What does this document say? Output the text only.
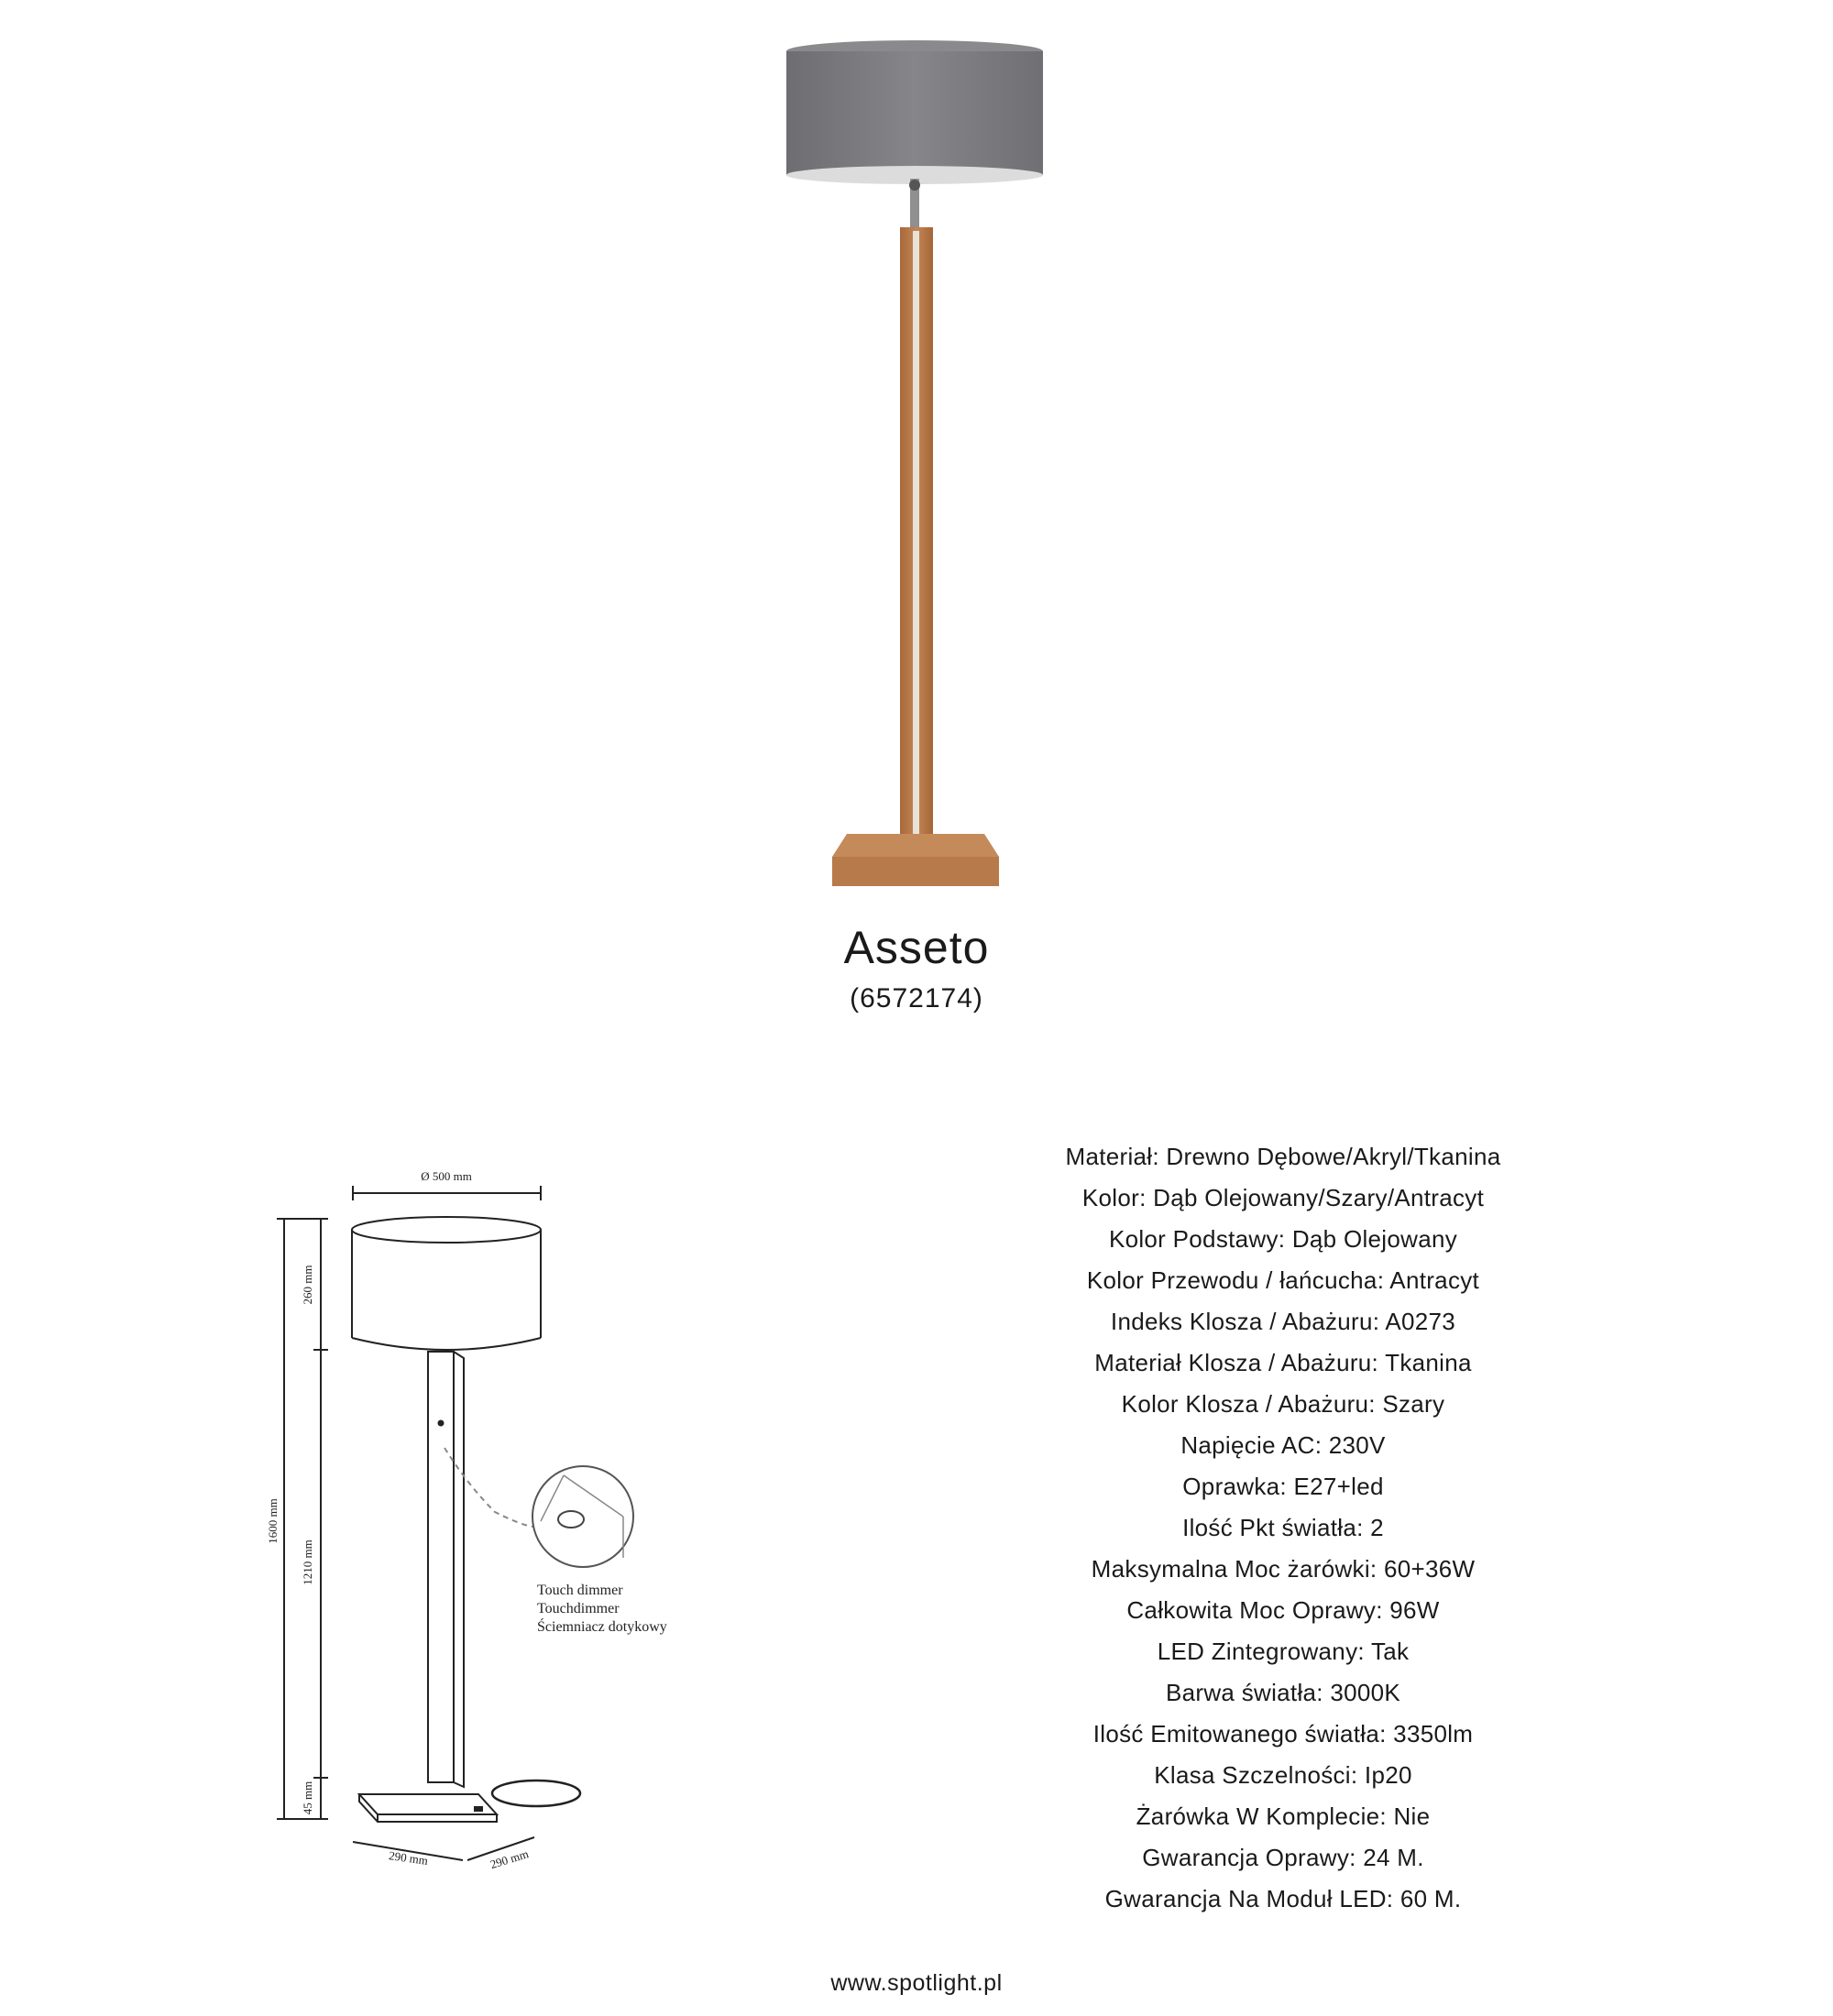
Asseto
(6572174)
Ø 500 mm
260 mm
1600 mm
1210 mm
45 mm
290 mm	290 mm
Touch dimmer
Touchdimmer
Ściemniacz dotykowy
Materiał: Drewno Dębowe/Akryl/Tkanina
Kolor: Dąb Olejowany/Szary/Antracyt
Kolor Podstawy: Dąb Olejowany
Kolor Przewodu / łańcucha: Antracyt
Indeks Klosza / Abażuru: A0273
Materiał Klosza / Abażuru: Tkanina
Kolor Klosza / Abażuru: Szary
Napięcie AC: 230V
Oprawka: E27+led
Ilość Pkt światła: 2
Maksymalna Moc żarówki: 60+36W
Całkowita Moc Oprawy: 96W
LED Zintegrowany: Tak
Barwa światła: 3000K
Ilość Emitowanego światła: 3350lm
Klasa Szczelności: Ip20
Żarówka W Komplecie: Nie
Gwarancja Oprawy: 24 M.
Gwarancja Na Moduł LED: 60 M.
www.spotlight.pl
